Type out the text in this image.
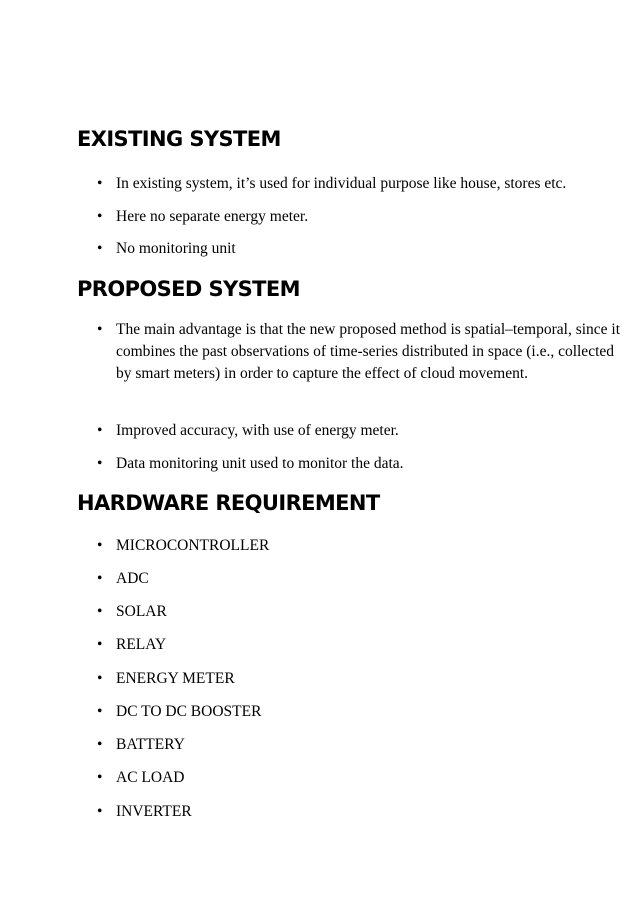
EXISTING SYSTEM
• In existing system, it’s used for individual purpose like house, stores etc.
• Here no separate energy meter.
• No monitoring unit
PROPOSED SYSTEM
• The main advantage is that the new proposed method is spatial–temporal, since it combines the past observations of time-series distributed in space (i.e., collected by smart meters) in order to capture the effect of cloud movement.
• Improved accuracy, with use of energy meter.
• Data monitoring unit used to monitor the data.
HARDWARE REQUIREMENT
• MICROCONTROLLER
• ADC
• SOLAR
• RELAY
• ENERGY METER
• DC TO DC BOOSTER
• BATTERY
• AC LOAD
• INVERTER
